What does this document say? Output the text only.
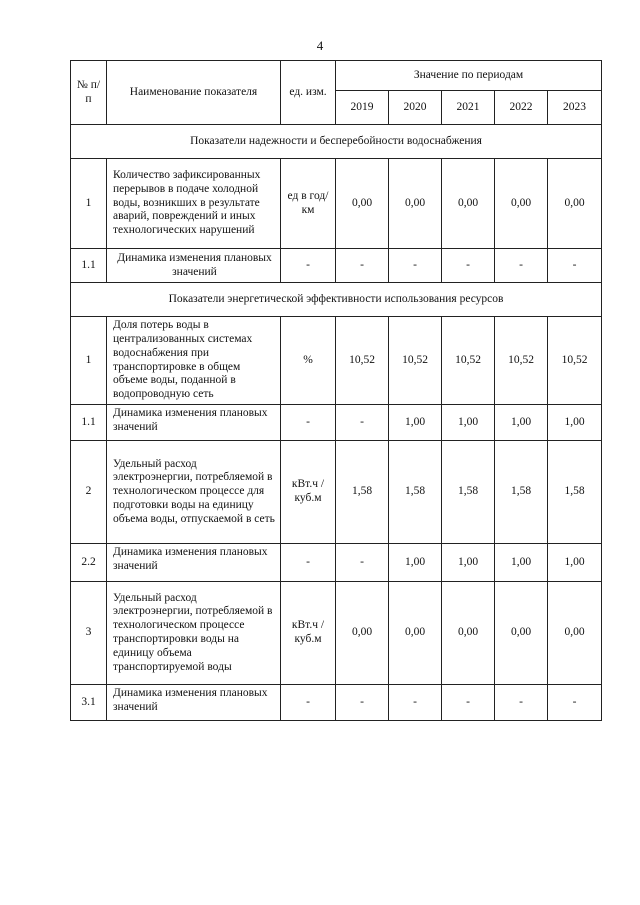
4
№ п/п	Наименование показателя	ед. изм.	Значение по периодам				
			2019	2020	2021	2022	2023
Показатели надежности и бесперебойности водоснабжения							
1	Количество зафиксированных перерывов в подаче холодной воды, возникших в результате аварий, повреждений и иных технологических нарушений	ед в год/ км	0,00	0,00	0,00	0,00	0,00
1.1	Динамика изменения плановых значений	-	-	-	-	-	-
Показатели энергетической эффективности использования ресурсов							
1	Доля потерь воды в централизованных системах водоснабжения при транспортировке в общем объеме воды, поданной в водопроводную сеть	%	10,52	10,52	10,52	10,52	10,52
1.1	Динамика изменения плановых значений	-	-	1,00	1,00	1,00	1,00
2	Удельный расход электроэнергии, потребляемой в технологическом процессе для подготовки воды на единицу объема воды, отпускаемой в сеть	кВт.ч / куб.м	1,58	1,58	1,58	1,58	1,58
2.2	Динамика изменения плановых значений	-	-	1,00	1,00	1,00	1,00
3	Удельный расход электроэнергии, потребляемой в технологическом процессе транспортировки воды на единицу объема транспортируемой воды	кВт.ч / куб.м	0,00	0,00	0,00	0,00	0,00
3.1	Динамика изменения плановых значений	-	-	-	-	-	-
